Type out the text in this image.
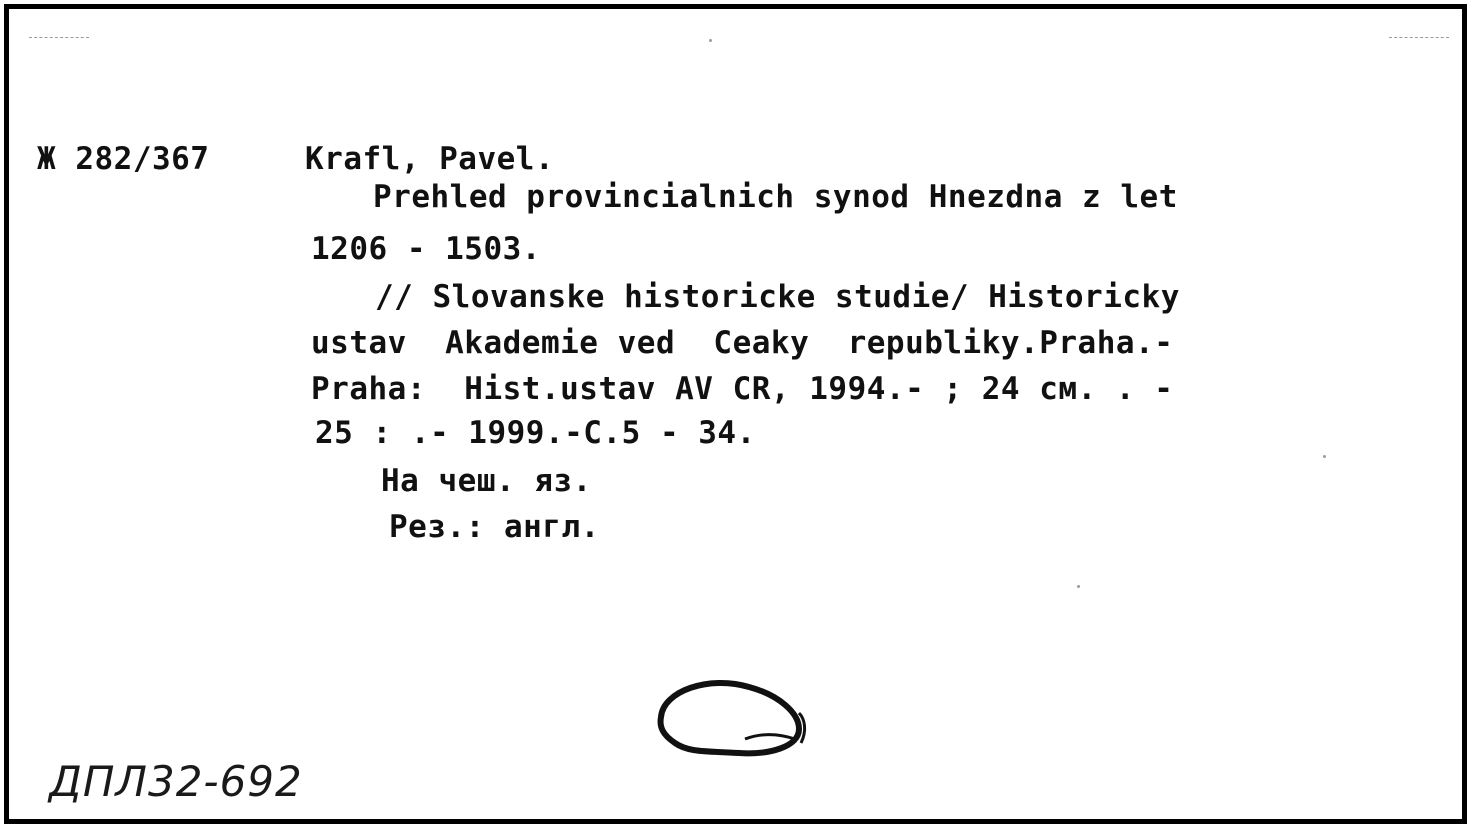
Ж 282/367	Krafl, Pavel.
Prehled provincialnich synod Hnezdna z let
1206 - 1503.
// Slovanske historicke studie/ Historicky
ustav  Akademie ved  Ceaky  republiky.Praha.-
Praha:  Hist.ustav AV CR, 1994.- ; 24 см. . -
25 : .- 1999.-С.5 - 34.
На чеш. яз.
Рез.: англ.
ДПЛ32-692
